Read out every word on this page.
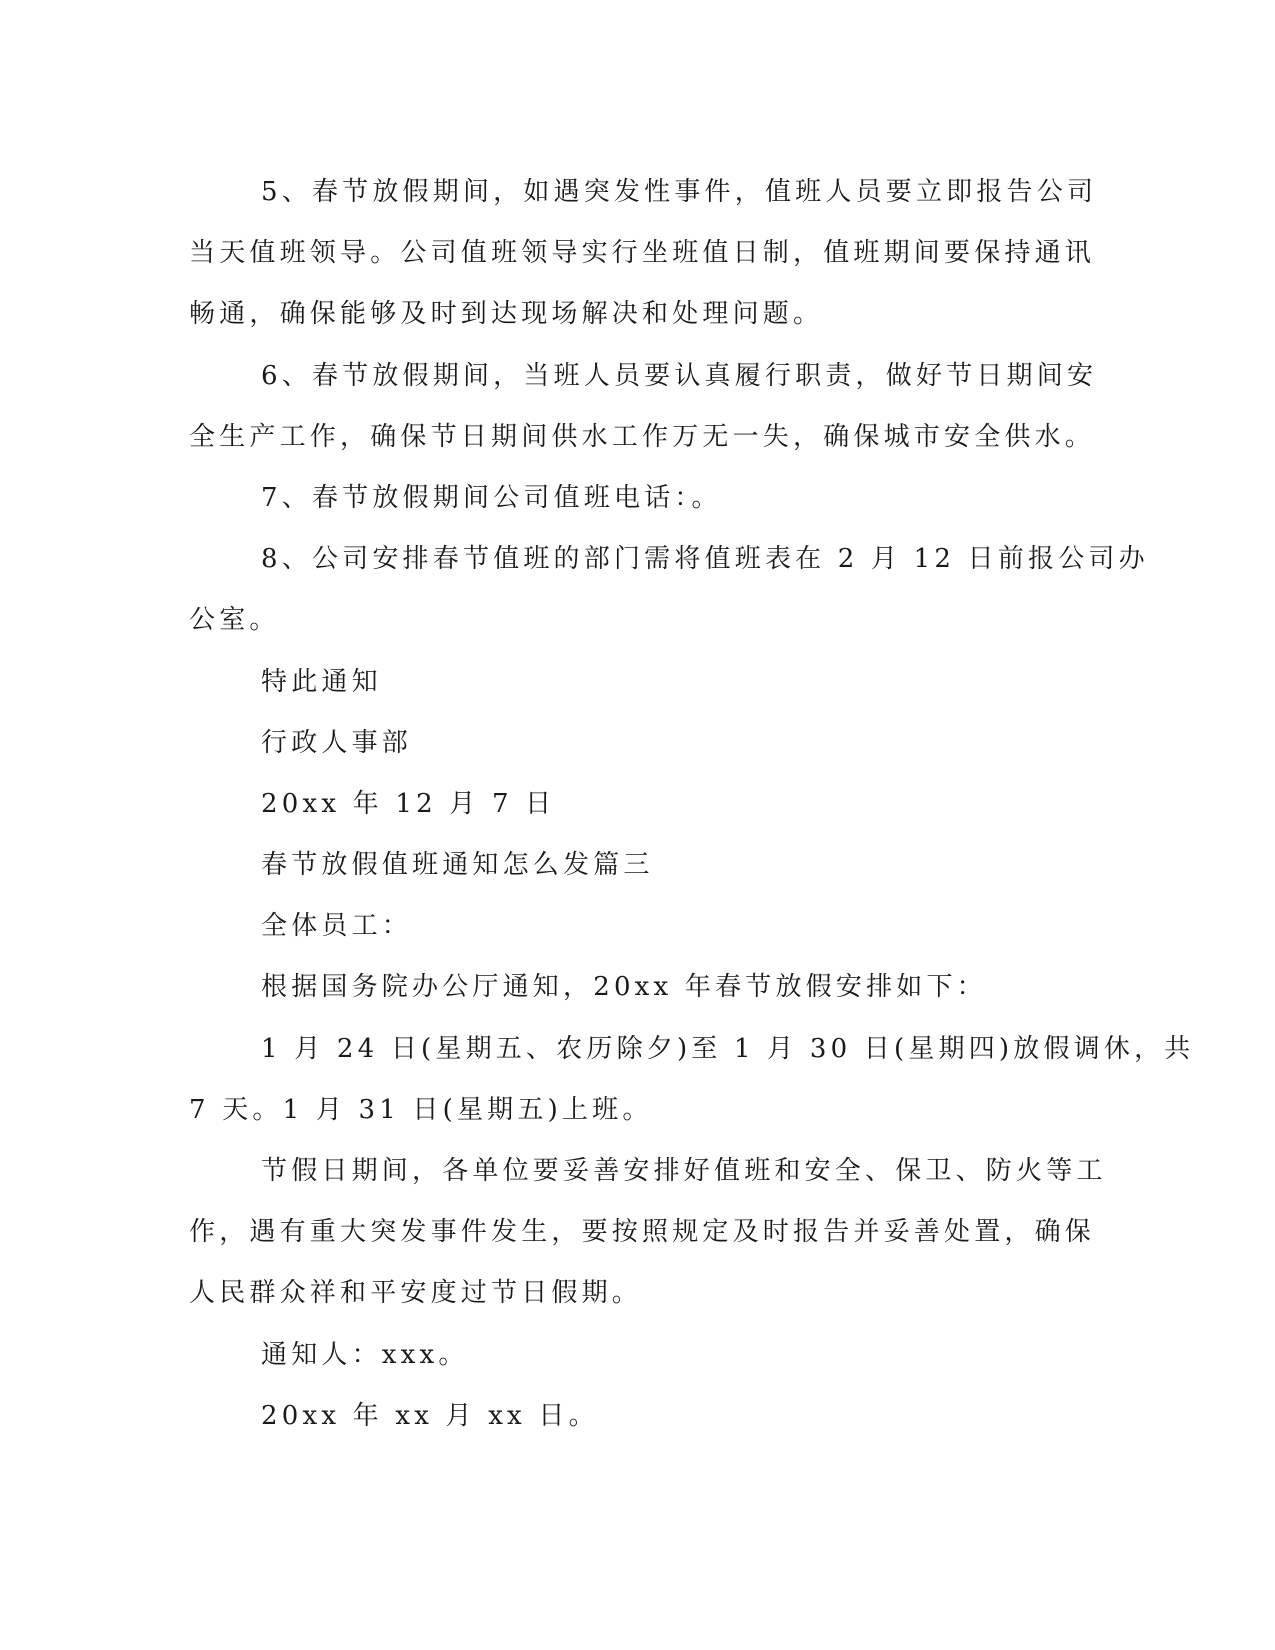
5、春节放假期间，如遇突发性事件，值班人员要立即报告公司
当天值班领导。公司值班领导实行坐班值日制，值班期间要保持通讯
畅通，确保能够及时到达现场解决和处理问题。
6、春节放假期间，当班人员要认真履行职责，做好节日期间安
全生产工作，确保节日期间供水工作万无一失，确保城市安全供水。
7、春节放假期间公司值班电话：。
8、公司安排春节值班的部门需将值班表在 2 月 12 日前报公司办
公室。
特此通知
行政人事部
20xx 年 12 月 7 日
春节放假值班通知怎么发篇三
全体员工：
根据国务院办公厅通知，20xx 年春节放假安排如下：
1 月 24 日(星期五、农历除夕)至 1 月 30 日(星期四)放假调休，共
7 天。1 月 31 日(星期五)上班。
节假日期间，各单位要妥善安排好值班和安全、保卫、防火等工
作，遇有重大突发事件发生，要按照规定及时报告并妥善处置，确保
人民群众祥和平安度过节日假期。
通知人：xxx。
20xx 年 xx 月 xx 日。
